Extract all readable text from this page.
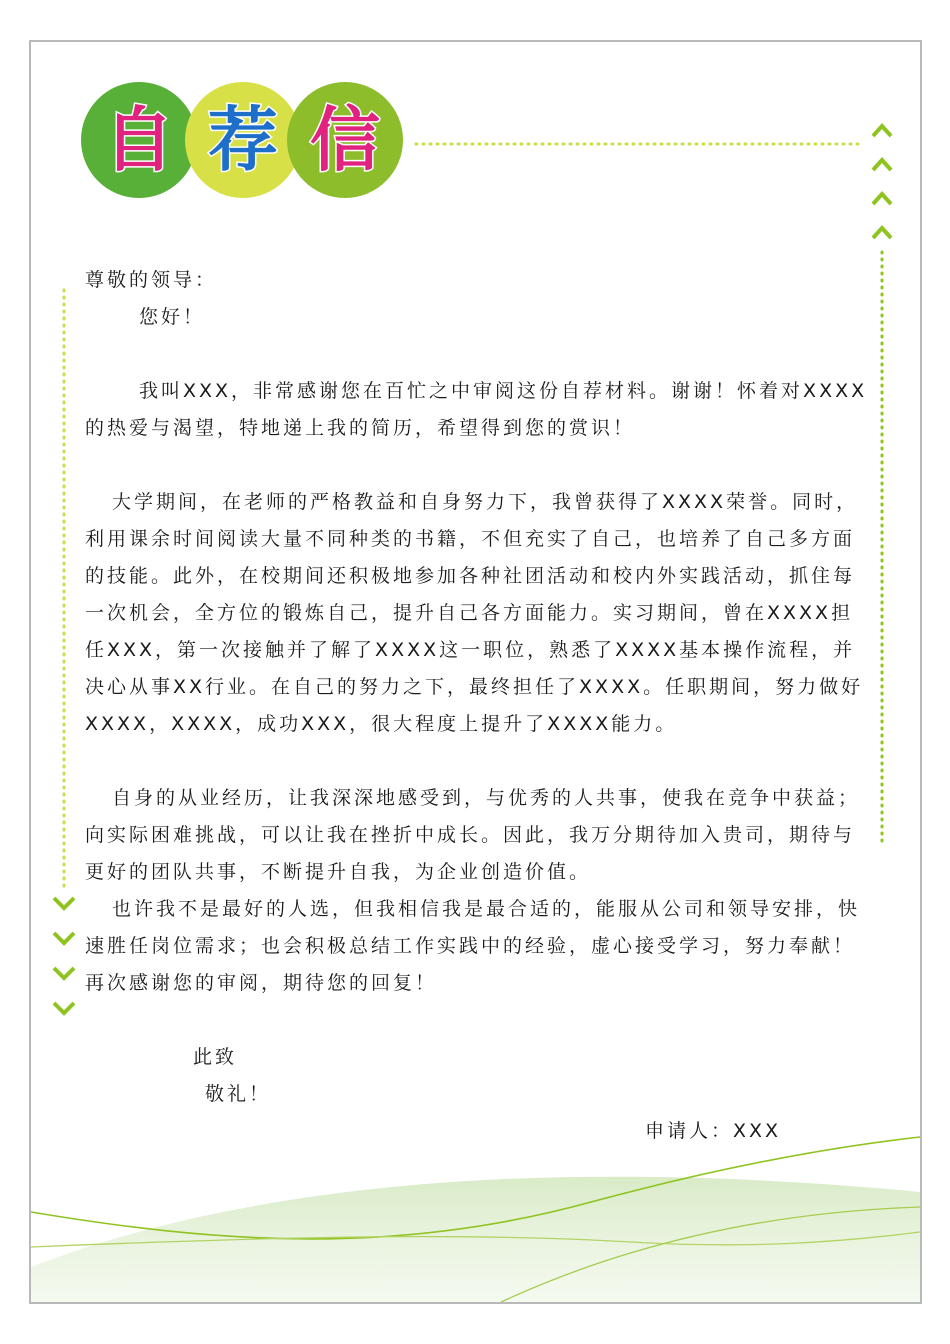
自 荐 信

尊敬的领导：

您好！

我叫XXX，非常感谢您在百忙之中审阅这份自荐材料。谢谢！怀着对XXXX的热爱与渴望，特地递上我的简历，希望得到您的赏识！

大学期间，在老师的严格教益和自身努力下，我曾获得了XXXX荣誉。同时，利用课余时间阅读大量不同种类的书籍，不但充实了自己，也培养了自己多方面的技能。此外，在校期间还积极地参加各种社团活动和校内外实践活动，抓住每一次机会，全方位的锻炼自己，提升自己各方面能力。实习期间，曾在XXXX担任XXX，第一次接触并了解了XXXX这一职位，熟悉了XXXX基本操作流程，并决心从事XX行业。在自己的努力之下，最终担任了XXXX。任职期间，努力做好XXXX，XXXX，成功XXX，很大程度上提升了XXXX能力。

自身的从业经历，让我深深地感受到，与优秀的人共事，使我在竞争中获益；向实际困难挑战，可以让我在挫折中成长。因此，我万分期待加入贵司，期待与更好的团队共事，不断提升自我，为企业创造价值。

也许我不是最好的人选，但我相信我是最合适的，能服从公司和领导安排，快速胜任岗位需求；也会积极总结工作实践中的经验，虚心接受学习，努力奉献！再次感谢您的审阅，期待您的回复！

此致

敬礼！

申请人：XXX
